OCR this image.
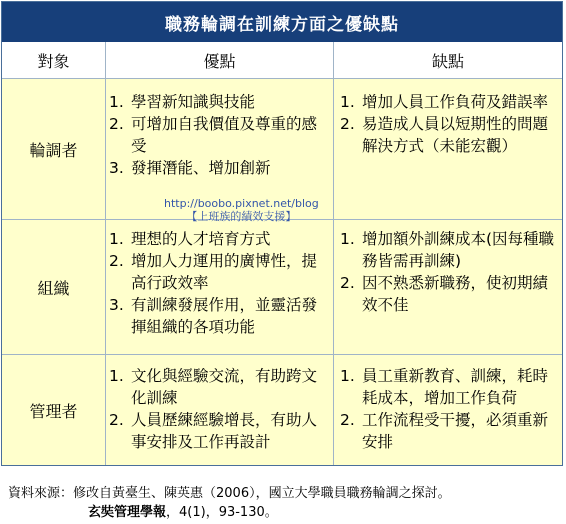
職務輪調在訓練方面之優缺點
對象	優點	缺點
輪調者
1. 學習新知識與技能
2. 可增加自我價值及尊重的感受
3. 發揮潛能、增加創新
1. 增加人員工作負荷及錯誤率
2. 易造成人員以短期性的問題解決方式（未能宏觀）
組織
1. 理想的人才培育方式
2. 增加人力運用的廣博性，提高行政效率
3. 有訓練發展作用，並靈活發揮組織的各項功能
1. 增加額外訓練成本(因每種職務皆需再訓練)
2. 因不熟悉新職務，使初期績效不佳
管理者
1. 文化與經驗交流，有助跨文化訓練
2. 人員歷練經驗增長，有助人事安排及工作再設計
1. 員工重新教育、訓練，耗時耗成本，增加工作負荷
2. 工作流程受干擾，必須重新安排
http://boobo.pixnet.net/blog
【上班族的績效支援】
資料來源：修改自黃臺生、陳英惠（2006），國立大學職員職務輪調之探討。
玄奘管理學報，4(1)，93-130。
